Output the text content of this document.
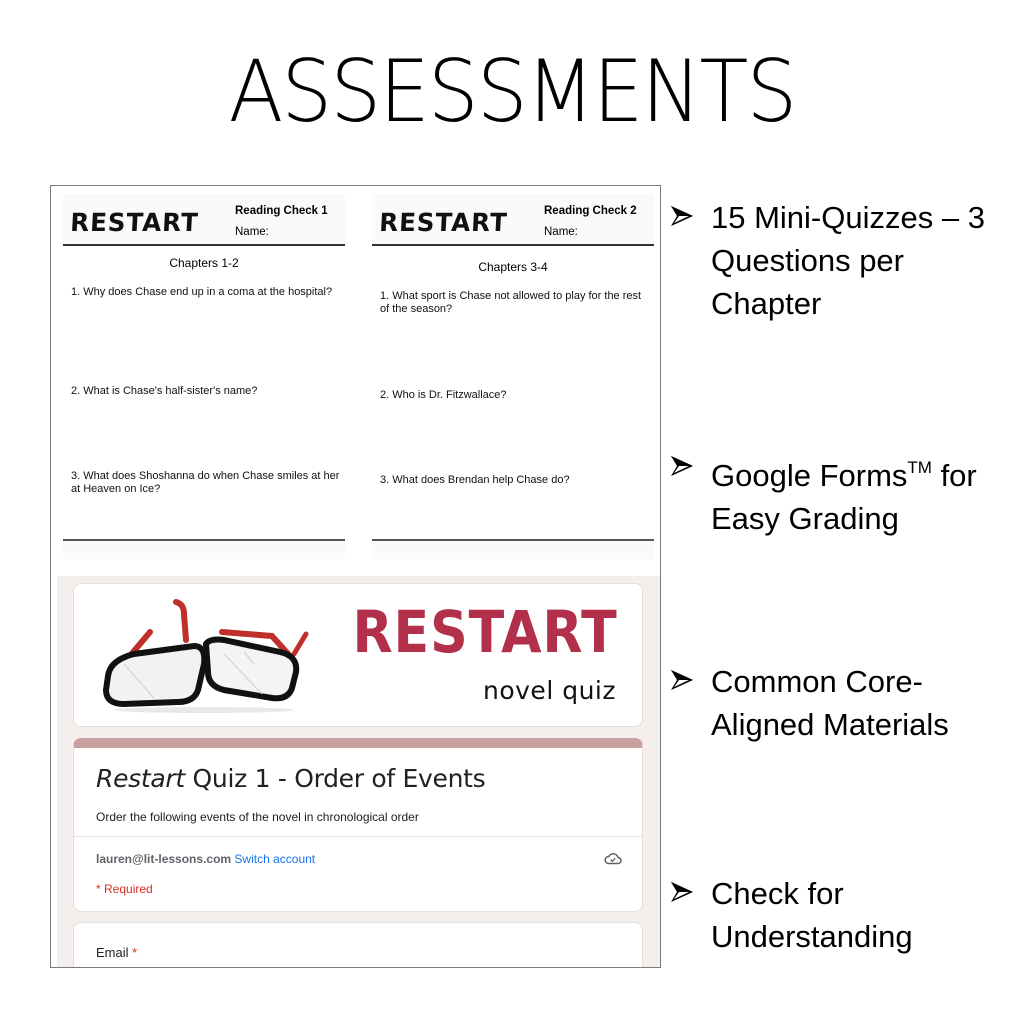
ASSESSMENTS
RESTART	Reading Check 1
Name:
Chapters 1-2
1. Why does Chase end up in a coma at the hospital?
2. What is Chase's half-sister's name?
3. What does Shoshanna do when Chase smiles at her at Heaven on Ice?
RESTART	Reading Check 2
Name:
Chapters 3-4
1. What sport is Chase not allowed to play for the rest of the season?
2. Who is Dr. Fitzwallace?
3. What does Brendan help Chase do?
RESTART
novel quiz
Restart Quiz 1 - Order of Events
Order the following events of the novel in chronological order
lauren@lit-lessons.com Switch account
* Required
Email *
15 Mini-Quizzes – 3 Questions per Chapter
Google Forms™ for Easy Grading
Common Core-Aligned Materials
Check for Understanding
